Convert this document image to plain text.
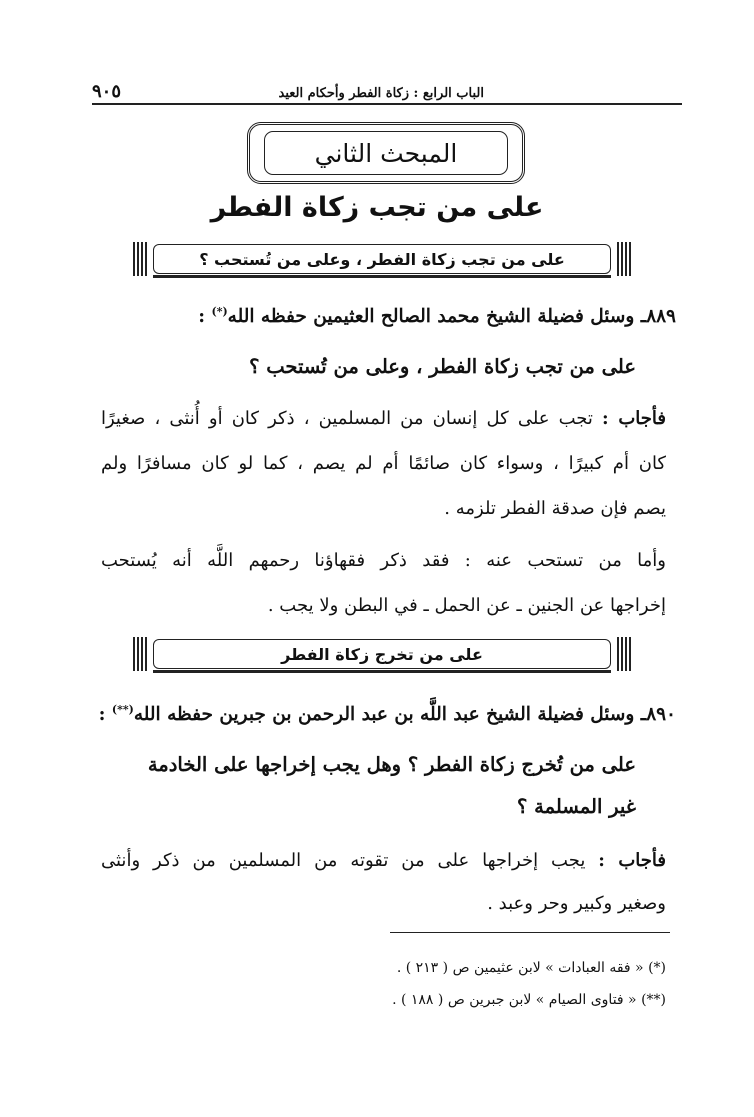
الباب الرابع : زكاة الفطر وأحكام العيد
٩٠٥
المبحث الثاني
على من تجب زكاة الفطر
على من تجب زكاة الفطر ، وعلى من تُستحب ؟
٨٨٩ـ وسئل فضيلة الشيخ محمد الصالح العثيمين حفظه الله(*) :
على من تجب زكاة الفطر ، وعلى من تُستحب ؟
فأجاب : تجب على كل إنسان من المسلمين ، ذكر كان أو أُنثى ، صغيرًا
كان أم كبيرًا ، وسواء كان صائمًا أم لم يصم ، كما لو كان مسافرًا ولم
يصم فإن صدقة الفطر تلزمه .
وأما من تستحب عنه : فقد ذكر فقهاؤنا رحمهم اللَّه أنه يُستحب
إخراجها عن الجنين ـ عن الحمل ـ في البطن ولا يجب .
على من تخرج زكاة الفطر
٨٩٠ـ وسئل فضيلة الشيخ عبد اللَّه بن عبد الرحمن بن جبرين حفظه الله(**) :
على من تُخرج زكاة الفطر ؟ وهل يجب إخراجها على الخادمة
غير المسلمة ؟
فأجاب : يجب إخراجها على من تقوته من المسلمين من ذكر وأنثى
وصغير وكبير وحر وعبد .
(*) « فقه العبادات » لابن عثيمين ص ( ٢١٣ ) .
(**) « فتاوى الصيام » لابن جبرين ص ( ١٨٨ ) .
